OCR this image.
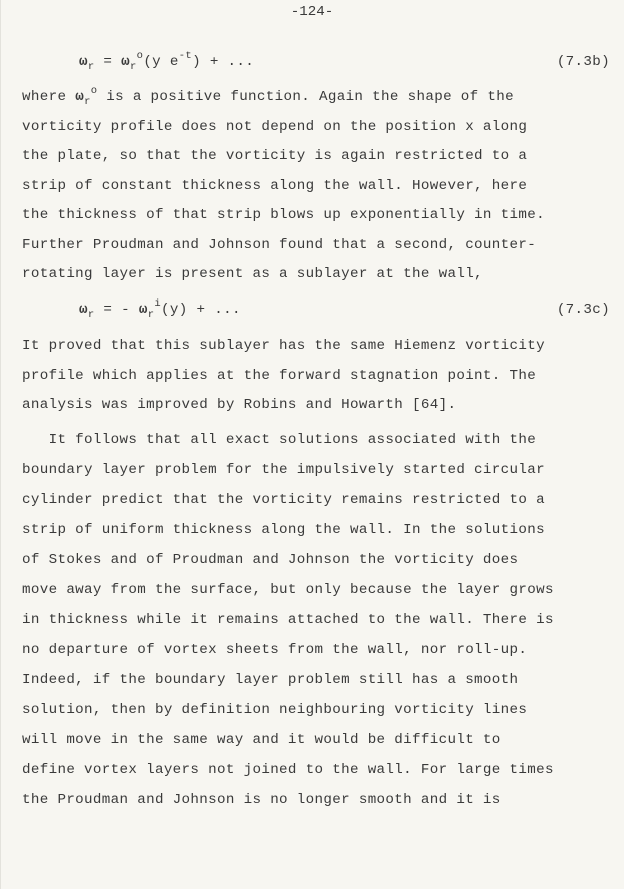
-124-
$\omega_r = \omega_r^o(y$ $e^{-t}$) + ...	(7.3b)
where $\omega_r^o$ is a positive function. Again the shape of the
vorticity profile does not depend on the position x along
the plate, so that the vorticity is again restricted to a
strip of constant thickness along the wall. However, here
the thickness of that strip blows up exponentially in time.
Further Proudman and Johnson found that a second, counter-
rotating layer is present as a sublayer at the wall,
$\omega_r$ = - $\omega_r^i(y)$ + ...	(7.3c)
It proved that this sublayer has the same Hiemenz vorticity
profile which applies at the forward stagnation point. The
analysis was improved by Robins and Howarth [64].
It follows that all exact solutions associated with the
boundary layer problem for the impulsively started circular
cylinder predict that the vorticity remains restricted to a
strip of uniform thickness along the wall. In the solutions
of Stokes and of Proudman and Johnson the vorticity does
move away from the surface, but only because the layer grows
in thickness while it remains attached to the wall. There is
no departure of vortex sheets from the wall, nor roll-up.
Indeed, if the boundary layer problem still has a smooth
solution, then by definition neighbouring vorticity lines
will move in the same way and it would be difficult to
define vortex layers not joined to the wall. For large times
the Proudman and Johnson is no longer smooth and it is
